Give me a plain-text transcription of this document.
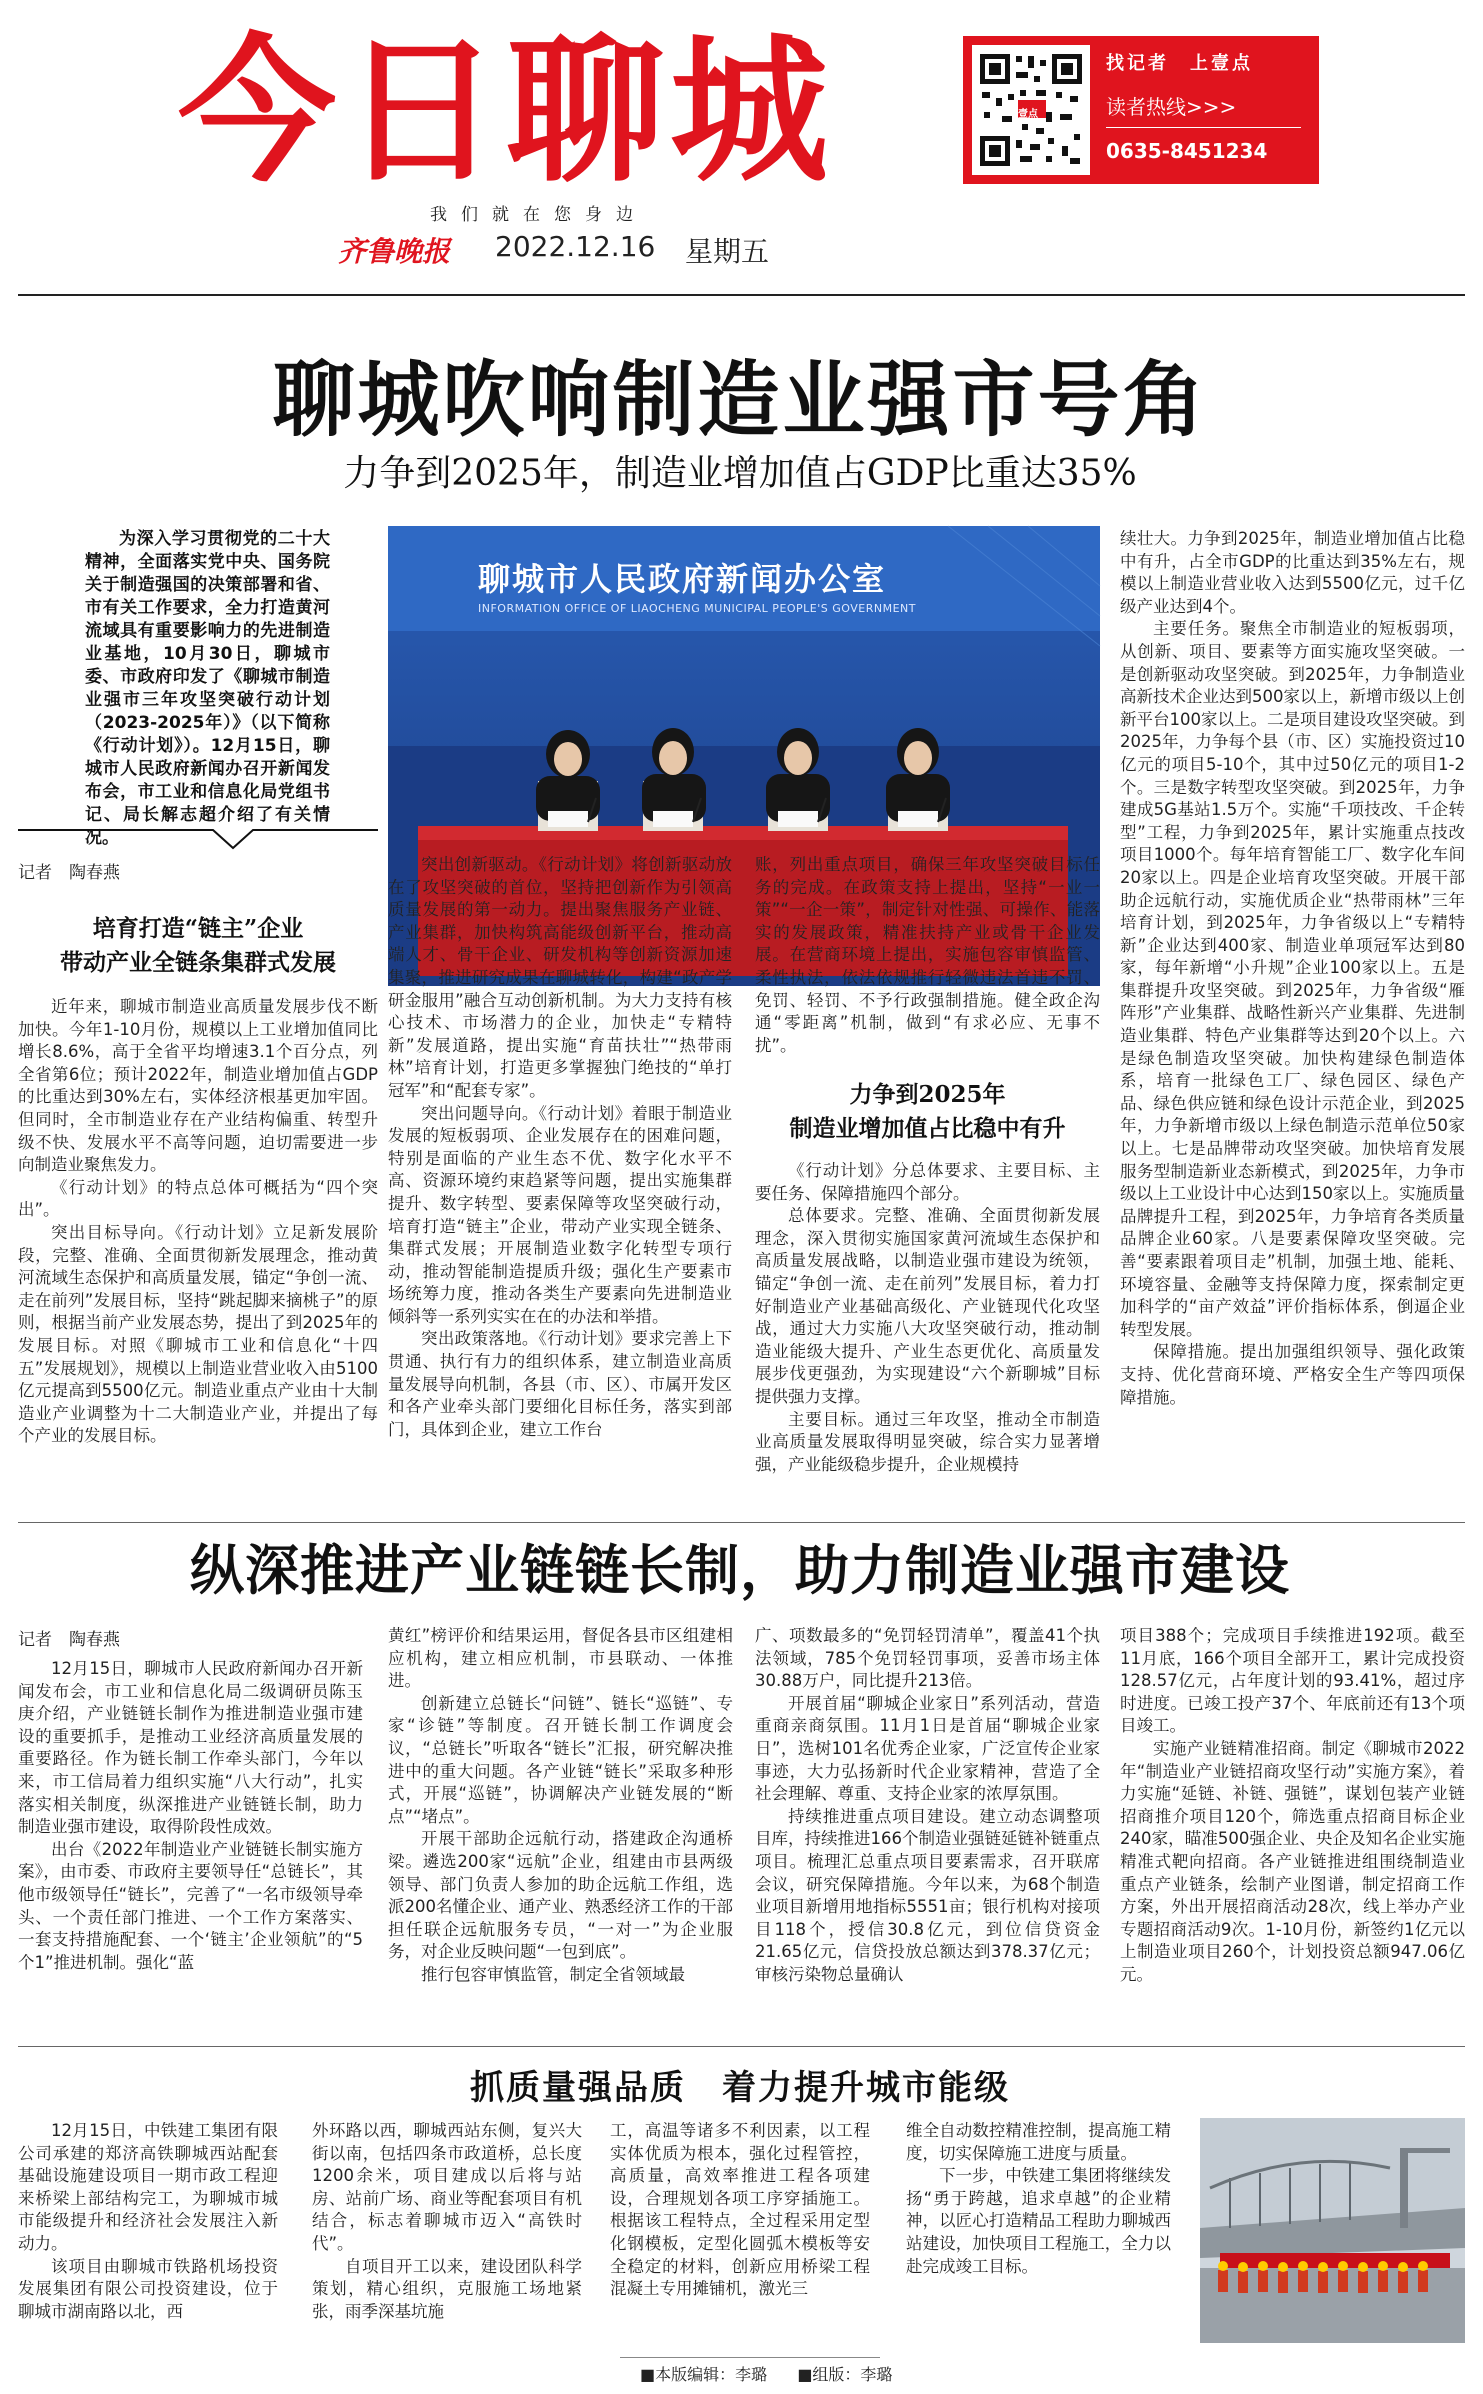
今日聊城
我们就在您身边
齐鲁晚报 2022.12.16 星期五
壹点
找记者　上壹点
读者热线>>>
0635-8451234
聊城吹响制造业强市号角
力争到2025年，制造业增加值占GDP比重达35%

为深入学习贯彻党的二十大精神，全面落实党中央、国务院关于制造强国的决策部署和省、市有关工作要求，全力打造黄河流域具有重要影响力的先进制造业基地，10月30日，聊城市委、市政府印发了《聊城市制造业强市三年攻坚突破行动计划（2023-2025年）》（以下简称《行动计划》）。12月15日，聊城市人民政府新闻办召开新闻发布会，市工业和信息化局党组书记、局长解志超介绍了有关情况。

记者　陶春燕
培育打造“链主”企业
带动产业全链条集群式发展

近年来，聊城市制造业高质量发展步伐不断加快。今年1-10月份，规模以上工业增加值同比增长8.6%，高于全省平均增速3.1个百分点，列全省第6位；预计2022年，制造业增加值占GDP的比重达到30%左右，实体经济根基更加牢固。但同时，全市制造业存在产业结构偏重、转型升级不快、发展水平不高等问题，迫切需要进一步向制造业聚焦发力。

《行动计划》的特点总体可概括为“四个突出”。

突出目标导向。《行动计划》立足新发展阶段，完整、准确、全面贯彻新发展理念，推动黄河流域生态保护和高质量发展，锚定“争创一流、走在前列”发展目标，坚持“跳起脚来摘桃子”的原则，根据当前产业发展态势，提出了到2025年的发展目标。对照《聊城市工业和信息化“十四五”发展规划》，规模以上制造业营业收入由5100亿元提高到5500亿元。制造业重点产业由十大制造业产业调整为十二大制造业产业，并提出了每个产业的发展目标。

聊城市人民政府新闻办公室
INFORMATION OFFICE OF LIAOCHENG MUNICIPAL PEOPLE'S GOVERNMENT

突出创新驱动。《行动计划》将创新驱动放在了攻坚突破的首位，坚持把创新作为引领高质量发展的第一动力。提出聚焦服务产业链、产业集群，加快构筑高能级创新平台，推动高端人才、骨干企业、研发机构等创新资源加速集聚，推进研究成果在聊城转化，构建“政产学研金服用”融合互动创新机制。为大力支持有核心技术、市场潜力的企业，加快走“专精特新”发展道路，提出实施“育苗扶壮”“热带雨林”培育计划，打造更多掌握独门绝技的“单打冠军”和“配套专家”。

突出问题导向。《行动计划》着眼于制造业发展的短板弱项、企业发展存在的困难问题，特别是面临的产业生态不优、数字化水平不高、资源环境约束趋紧等问题，提出实施集群提升、数字转型、要素保障等攻坚突破行动，培育打造“链主”企业，带动产业实现全链条、集群式发展；开展制造业数字化转型专项行动，推动智能制造提质升级；强化生产要素市场统筹力度，推动各类生产要素向先进制造业倾斜等一系列实实在在的办法和举措。

突出政策落地。《行动计划》要求完善上下贯通、执行有力的组织体系，建立制造业高质量发展导向机制，各县（市、区）、市属开发区和各产业牵头部门要细化目标任务，落实到部门，具体到企业，建立工作台

账，列出重点项目，确保三年攻坚突破目标任务的完成。在政策支持上提出，坚持“一业一策”“一企一策”，制定针对性强、可操作、能落实的发展政策，精准扶持产业或骨干企业发展。在营商环境上提出，实施包容审慎监管、柔性执法，依法依规推行轻微违法首违不罚、免罚、轻罚、不予行政强制措施。健全政企沟通“零距离”机制，做到“有求必应、无事不扰”。

力争到2025年
制造业增加值占比稳中有升

《行动计划》分总体要求、主要目标、主要任务、保障措施四个部分。

总体要求。完整、准确、全面贯彻新发展理念，深入贯彻实施国家黄河流域生态保护和高质量发展战略，以制造业强市建设为统领，锚定“争创一流、走在前列”发展目标，着力打好制造业产业基础高级化、产业链现代化攻坚战，通过大力实施八大攻坚突破行动，推动制造业能级大提升、产业生态更优化、高质量发展步伐更强劲，为实现建设“六个新聊城”目标提供强力支撑。

主要目标。通过三年攻坚，推动全市制造业高质量发展取得明显突破，综合实力显著增强，产业能级稳步提升，企业规模持

续壮大。力争到2025年，制造业增加值占比稳中有升，占全市GDP的比重达到35%左右，规模以上制造业营业收入达到5500亿元，过千亿级产业达到4个。

主要任务。聚焦全市制造业的短板弱项，从创新、项目、要素等方面实施攻坚突破。一是创新驱动攻坚突破。到2025年，力争制造业高新技术企业达到500家以上，新增市级以上创新平台100家以上。二是项目建设攻坚突破。到2025年，力争每个县（市、区）实施投资过10亿元的项目5-10个，其中过50亿元的项目1-2个。三是数字转型攻坚突破。到2025年，力争建成5G基站1.5万个。实施“千项技改、千企转型”工程，力争到2025年，累计实施重点技改项目1000个。每年培育智能工厂、数字化车间20家以上。四是企业培育攻坚突破。开展干部助企远航行动，实施优质企业“热带雨林”三年培育计划，到2025年，力争省级以上“专精特新”企业达到400家、制造业单项冠军达到80家，每年新增“小升规”企业100家以上。五是集群提升攻坚突破。到2025年，力争省级“雁阵形”产业集群、战略性新兴产业集群、先进制造业集群、特色产业集群等达到20个以上。六是绿色制造攻坚突破。加快构建绿色制造体系，培育一批绿色工厂、绿色园区、绿色产品、绿色供应链和绿色设计示范企业，到2025年，力争新增市级以上绿色制造示范单位50家以上。七是品牌带动攻坚突破。加快培育发展服务型制造新业态新模式，到2025年，力争市级以上工业设计中心达到150家以上。实施质量品牌提升工程，到2025年，力争培育各类质量品牌企业60家。八是要素保障攻坚突破。完善“要素跟着项目走”机制，加强土地、能耗、环境容量、金融等支持保障力度，探索制定更加科学的“亩产效益”评价指标体系，倒逼企业转型发展。

保障措施。提出加强组织领导、强化政策支持、优化营商环境、严格安全生产等四项保障措施。

纵深推进产业链链长制，助力制造业强市建设
记者　陶春燕

12月15日，聊城市人民政府新闻办召开新闻发布会，市工业和信息化局二级调研员陈玉庚介绍，产业链链长制作为推进制造业强市建设的重要抓手，是推动工业经济高质量发展的重要路径。作为链长制工作牵头部门，今年以来，市工信局着力组织实施“八大行动”，扎实落实相关制度，纵深推进产业链链长制，助力制造业强市建设，取得阶段性成效。

出台《2022年制造业产业链链长制实施方案》，由市委、市政府主要领导任“总链长”，其他市级领导任“链长”，完善了“一名市级领导牵头、一个责任部门推进、一个工作方案落实、一套支持措施配套、一个‘链主’企业领航”的“5个1”推进机制。强化“蓝

黄红”榜评价和结果运用，督促各县市区组建相应机构，建立相应机制，市县联动、一体推进。

创新建立总链长“问链”、链长“巡链”、专家“诊链”等制度。召开链长制工作调度会议，“总链长”听取各“链长”汇报，研究解决推进中的重大问题。各产业链“链长”采取多种形式，开展“巡链”，协调解决产业链发展的“断点”“堵点”。

开展干部助企远航行动，搭建政企沟通桥梁。遴选200家“远航”企业，组建由市县两级领导、部门负责人参加的助企远航工作组，选派200名懂企业、通产业、熟悉经济工作的干部担任联企远航服务专员，“一对一”为企业服务，对企业反映问题“一包到底”。

推行包容审慎监管，制定全省领域最

广、项数最多的“免罚轻罚清单”，覆盖41个执法领域，785个免罚轻罚事项，妥善市场主体30.88万户，同比提升213倍。

开展首届“聊城企业家日”系列活动，营造重商亲商氛围。11月1日是首届“聊城企业家日”，选树101名优秀企业家，广泛宣传企业家事迹，大力弘扬新时代企业家精神，营造了全社会理解、尊重、支持企业家的浓厚氛围。

持续推进重点项目建设。建立动态调整项目库，持续推进166个制造业强链延链补链重点项目。梳理汇总重点项目要素需求，召开联席会议，研究保障措施。今年以来，为68个制造业项目新增用地指标5551亩；银行机构对接项目118个，授信30.8亿元，到位信贷资金21.65亿元，信贷投放总额达到378.37亿元；审核污染物总量确认

项目388个；完成项目手续推进192项。截至11月底，166个项目全部开工，累计完成投资128.57亿元，占年度计划的93.41%，超过序时进度。已竣工投产37个、年底前还有13个项目竣工。

实施产业链精准招商。制定《聊城市2022年“制造业产业链招商攻坚行动”实施方案》，着力实施“延链、补链、强链”，谋划包装产业链招商推介项目120个，筛选重点招商目标企业240家，瞄准500强企业、央企及知名企业实施精准式靶向招商。各产业链推进组围绕制造业重点产业链条，绘制产业图谱，制定招商工作方案，外出开展招商活动28次，线上举办产业专题招商活动9次。1-10月份，新签约1亿元以上制造业项目260个，计划投资总额947.06亿元。

抓质量强品质　着力提升城市能级

12月15日，中铁建工集团有限公司承建的郑济高铁聊城西站配套基础设施建设项目一期市政工程迎来桥梁上部结构完工，为聊城市城市能级提升和经济社会发展注入新动力。

该项目由聊城市铁路机场投资发展集团有限公司投资建设，位于聊城市湖南路以北，西

外环路以西，聊城西站东侧，复兴大街以南，包括四条市政道桥，总长度1200余米，项目建成以后将与站房、站前广场、商业等配套项目有机结合，标志着聊城市迈入“高铁时代”。

自项目开工以来，建设团队科学策划，精心组织，克服施工场地紧张，雨季深基坑施

工，高温等诸多不利因素，以工程实体优质为根本，强化过程管控，高质量，高效率推进工程各项建设，合理规划各项工序穿插施工。根据该工程特点，全过程采用定型化钢模板，定型化圆弧木模板等安全稳定的材料，创新应用桥梁工程混凝土专用摊铺机，激光三

维全自动数控精准控制，提高施工精度，切实保障施工进度与质量。

下一步，中铁建工集团将继续发扬“勇于跨越，追求卓越”的企业精神，以匠心打造精品工程助力聊城西站建设，加快项目工程施工，全力以赴完成竣工目标。

■本版编辑：李璐 ■组版：李璐
